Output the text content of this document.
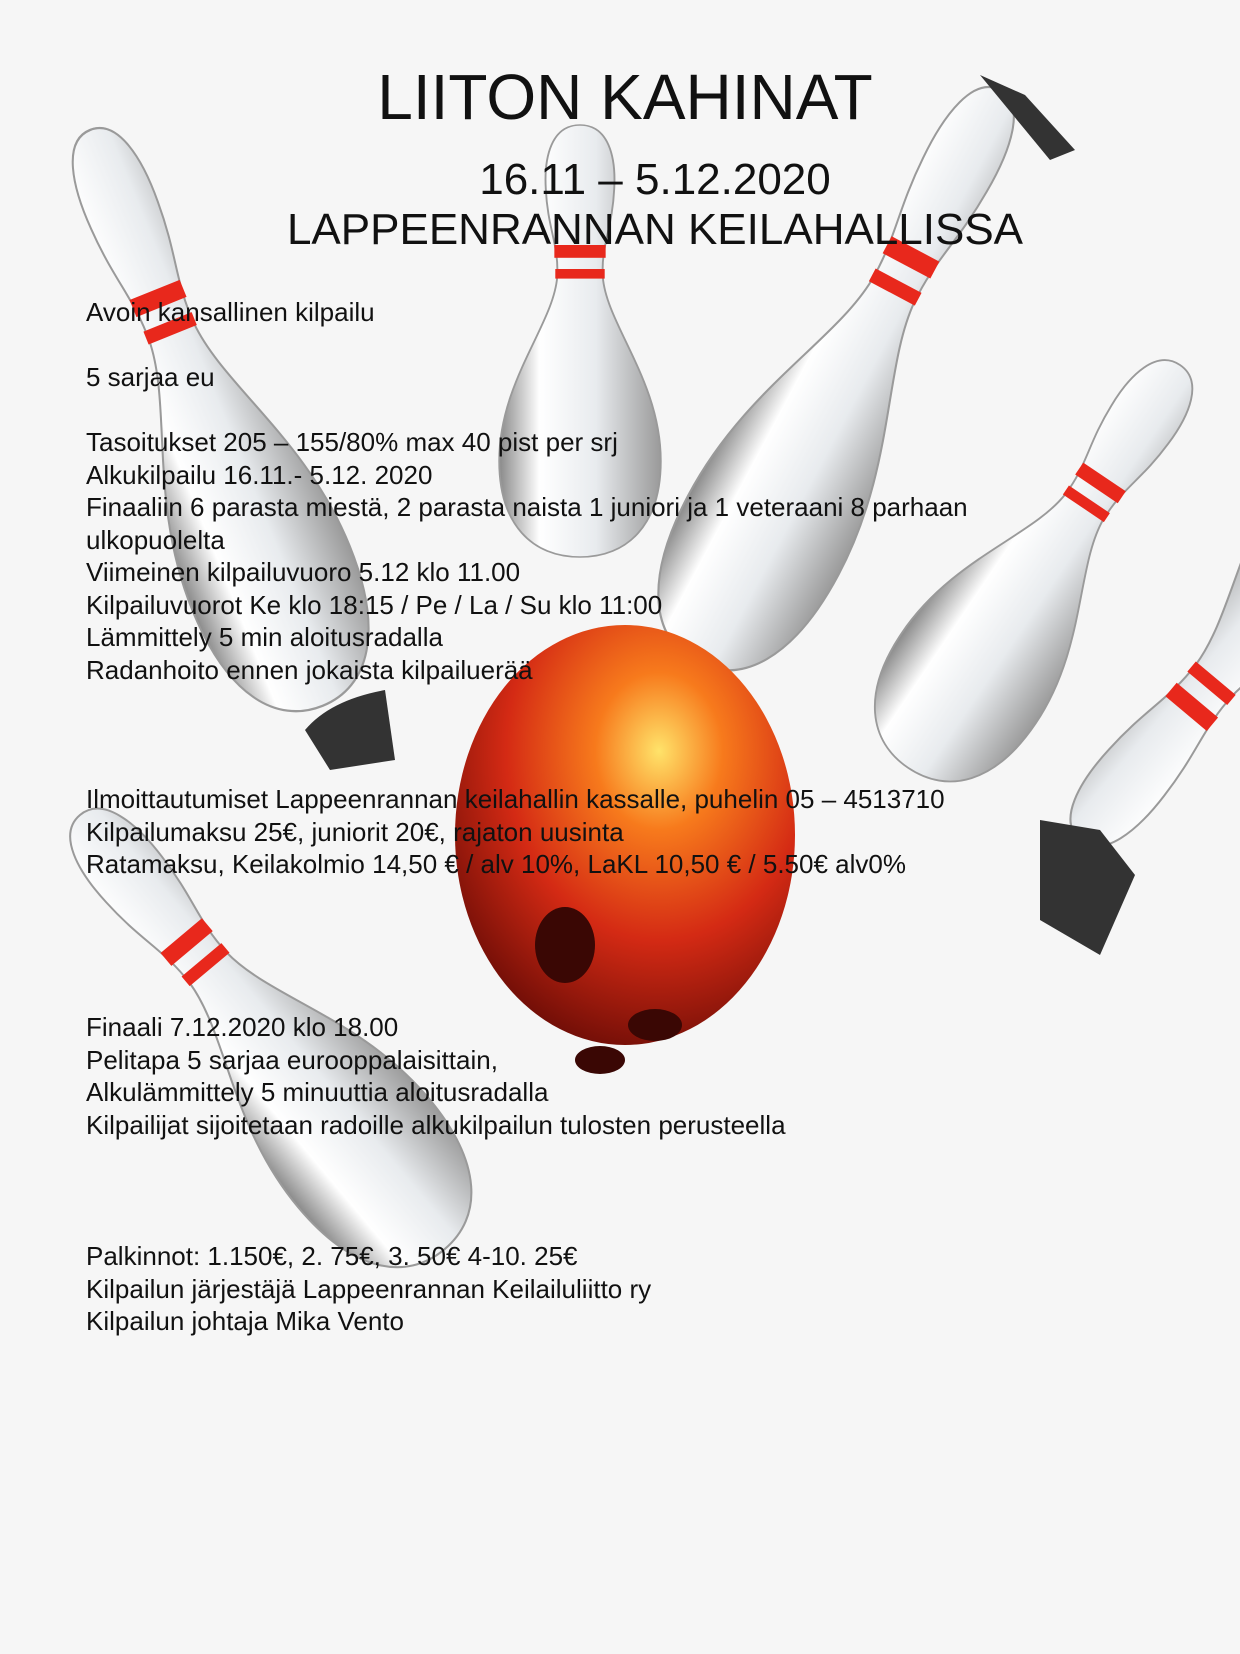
LIITON KAHINAT
16.11 – 5.12.2020
LAPPEENRANNAN KEILAHALLISSA
Avoin kansallinen kilpailu
5 sarjaa eu
Tasoitukset 205 – 155/80% max 40 pist per srj
Alkukilpailu 16.11.- 5.12. 2020
Finaaliin 6 parasta miestä, 2 parasta naista 1 juniori ja 1 veteraani 8 parhaan
ulkopuolelta
Viimeinen kilpailuvuoro 5.12 klo 11.00
Kilpailuvuorot Ke klo 18:15 / Pe / La / Su klo 11:00
Lämmittely 5 min aloitusradalla
Radanhoito ennen jokaista kilpailuerää
Ilmoittautumiset Lappeenrannan keilahallin kassalle, puhelin 05 – 4513710
Kilpailumaksu 25€, juniorit 20€, rajaton uusinta
Ratamaksu, Keilakolmio 14,50 € / alv 10%, LaKL 10,50 € / 5.50€ alv0%
Finaali 7.12.2020 klo 18.00
Pelitapa 5 sarjaa eurooppalaisittain,
Alkulämmittely 5 minuuttia aloitusradalla
Kilpailijat sijoitetaan radoille alkukilpailun tulosten perusteella
Palkinnot: 1.150€, 2. 75€, 3. 50€ 4-10. 25€
Kilpailun järjestäjä Lappeenrannan Keilailuliitto ry
Kilpailun johtaja Mika Vento
